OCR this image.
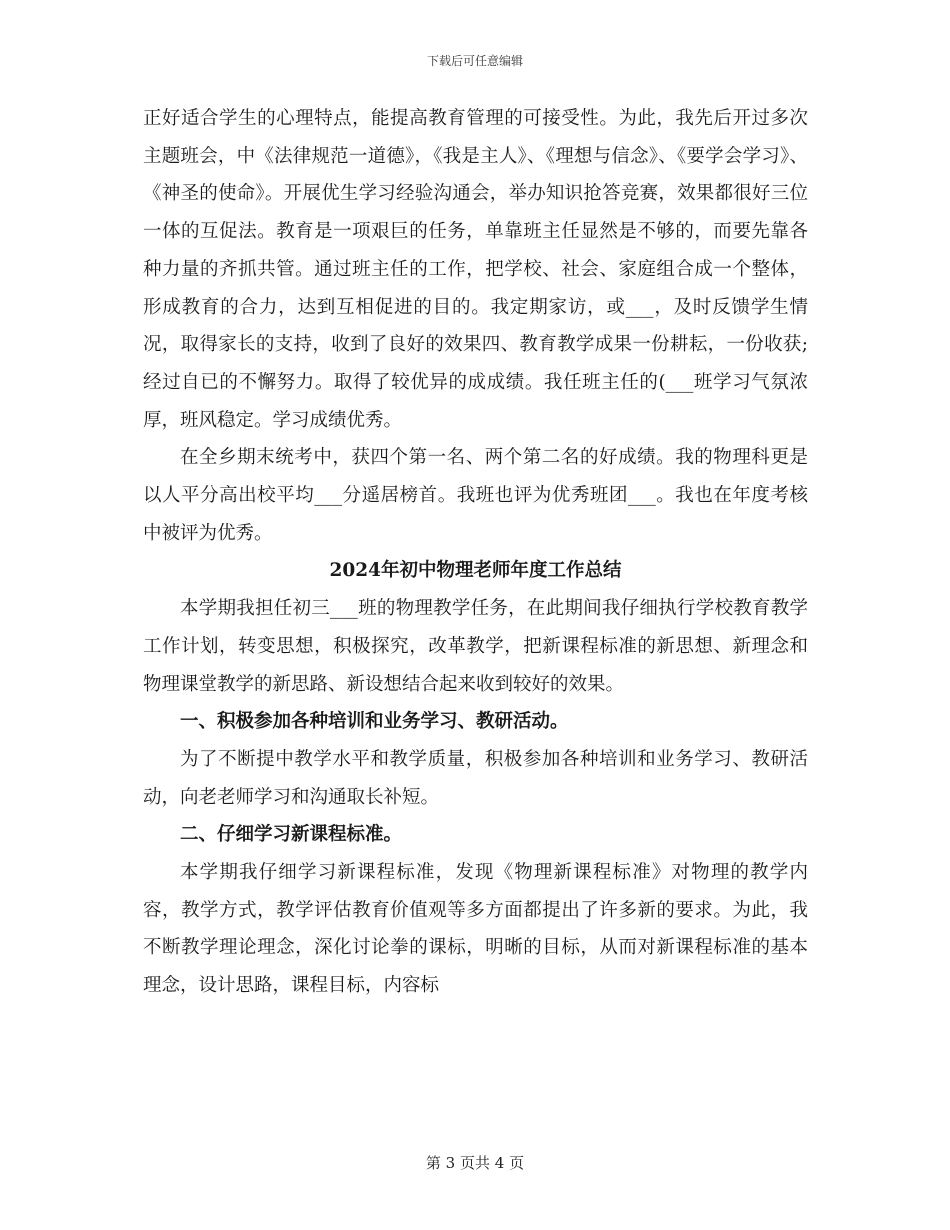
下载后可任意编辑

正好适合学生的心理特点，能提高教育管理的可接受性。为此，我先后开过多次主题班会，中《法律规范一道德》，《我是主人》、《理想与信念》、《要学会学习》、《神圣的使命》。开展优生学习经验沟通会，举办知识抢答竞赛，效果都很好三位一体的互促法。教育是一项艰巨的任务，单靠班主任显然是不够的，而要先靠各种力量的齐抓共管。通过班主任的工作，把学校、社会、家庭组合成一个整体，形成教育的合力，达到互相促进的目的。我定期家访，或___，及时反馈学生情况，取得家长的支持，收到了良好的效果四、教育教学成果一份耕耘，一份收获;经过自已的不懈努力。取得了较优异的成成绩。我任班主任的(___班学习气氛浓厚，班风稳定。学习成绩优秀。

在全乡期末统考中，获四个第一名、两个第二名的好成绩。我的物理科更是以人平分高出校平均___分遥居榜首。我班也评为优秀班团___。我也在年度考核中被评为优秀。

2024年初中物理老师年度工作总结

本学期我担任初三___班的物理教学任务，在此期间我仔细执行学校教育教学工作计划，转变思想，积极探究，改革教学，把新课程标准的新思想、新理念和物理课堂教学的新思路、新设想结合起来收到较好的效果。

一、积极参加各种培训和业务学习、教研活动。

为了不断提中教学水平和教学质量，积极参加各种培训和业务学习、教研活动，向老老师学习和沟通取长补短。

二、仔细学习新课程标准。

本学期我仔细学习新课程标准，发现《物理新课程标准》对物理的教学内容，教学方式，教学评估教育价值观等多方面都提出了许多新的要求。为此，我不断教学理论理念，深化讨论拳的课标，明晰的目标，从而对新课程标准的基本理念，设计思路，课程目标，内容标

第 3 页共 4 页
